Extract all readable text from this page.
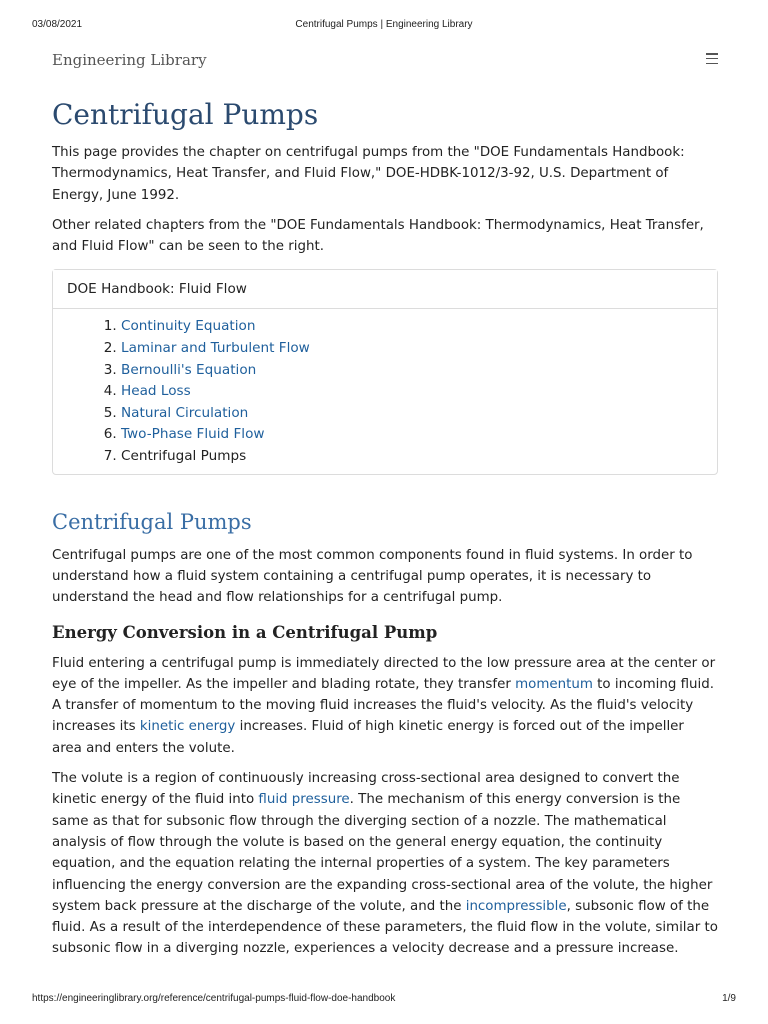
03/08/2021	Centrifugal Pumps | Engineering Library
Engineering Library
Centrifugal Pumps

This page provides the chapter on centrifugal pumps from the "DOE Fundamentals Handbook: Thermodynamics, Heat Transfer, and Fluid Flow," DOE-HDBK-1012/3-92, U.S. Department of Energy, June 1992.

Other related chapters from the "DOE Fundamentals Handbook: Thermodynamics, Heat Transfer, and Fluid Flow" can be seen to the right.

DOE Handbook: Fluid Flow
1. Continuity Equation
2. Laminar and Turbulent Flow
3. Bernoulli's Equation
4. Head Loss
5. Natural Circulation
6. Two-Phase Fluid Flow
7. Centrifugal Pumps
Centrifugal Pumps

Centrifugal pumps are one of the most common components found in fluid systems. In order to understand how a fluid system containing a centrifugal pump operates, it is necessary to understand the head and flow relationships for a centrifugal pump.

Energy Conversion in a Centrifugal Pump

Fluid entering a centrifugal pump is immediately directed to the low pressure area at the center or eye of the impeller. As the impeller and blading rotate, they transfer momentum to incoming fluid. A transfer of momentum to the moving fluid increases the fluid's velocity. As the fluid's velocity increases its kinetic energy increases. Fluid of high kinetic energy is forced out of the impeller area and enters the volute.

The volute is a region of continuously increasing cross-sectional area designed to convert the kinetic energy of the fluid into fluid pressure. The mechanism of this energy conversion is the same as that for subsonic flow through the diverging section of a nozzle. The mathematical analysis of flow through the volute is based on the general energy equation, the continuity equation, and the equation relating the internal properties of a system. The key parameters influencing the energy conversion are the expanding cross-sectional area of the volute, the higher system back pressure at the discharge of the volute, and the incompressible, subsonic flow of the fluid. As a result of the interdependence of these parameters, the fluid flow in the volute, similar to subsonic flow in a diverging nozzle, experiences a velocity decrease and a pressure increase.

https://engineeringlibrary.org/reference/centrifugal-pumps-fluid-flow-doe-handbook	1/9
